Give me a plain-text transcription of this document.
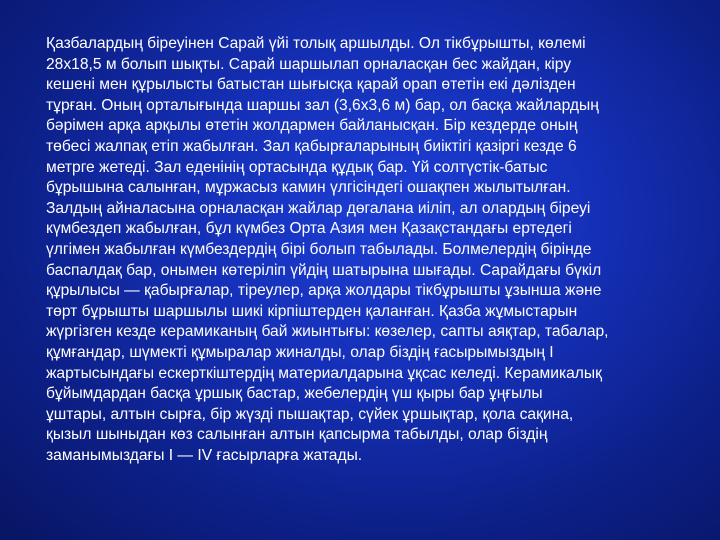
Қазбалардың біреуінен Сарай үйі толық аршылды. Ол тікбұрышты, көлемі
28х18,5 м болып шықты. Сарай шаршылап орналасқан бес жайдан, кіру
кешені мен құрылысты батыстан шығысқа қарай орап өтетін екі дәлізден
тұрған. Оның орталығында шаршы зал (3,6х3,6 м) бар, ол басқа жайлардың
бәрімен арқа арқылы өтетін жолдармен байланысқан. Бір кездерде оның
төбесі жалпақ етіп жабылған. Зал қабырғаларының биіктігі қазіргі кезде 6
метрге жетеді. Зал еденінің ортасында құдық бар. Үй солтүстік-батыс
бұрышына салынған, мұржасыз камин үлгісіндегі ошақпен жылытылған.
Залдың айналасына орналасқан жайлар дөгалана иіліп, ал олардың біреуі
күмбездеп жабылған, бұл күмбез Орта Азия мен Қазақстандағы ертедегі
үлгімен жабылған күмбездердің бірі болып табылады. Болмелердің бірінде
баспалдақ бар, онымен көтеріліп үйдің шатырына шығады. Сарайдағы бүкіл
құрылысы — қабырғалар, тіреулер, арқа жолдары тікбұрышты ұзынша және
төрт бұрышты шаршылы шикі кірпіштерден қаланған. Қазба жұмыстарын
жүргізген кезде керамиканың бай жиынтығы: көзелер, сапты аяқтар, табалар,
құмғандар, шүмекті құмыралар жиналды, олар біздің ғасырымыздың I
жартысындағы ескерткіштердің материалдарына ұқсас келеді. Керамикалық
бұйымдардан басқа ұршық бастар, жебелердің үш қыры бар ұңғылы
ұштары, алтын сырға, бір жүзді пышақтар, сүйек ұршықтар, қола сақина,
қызыл шыныдан көз салынған алтын қапсырма табылды, олар біздің
заманымыздағы I — IV ғасырларға жатады.
